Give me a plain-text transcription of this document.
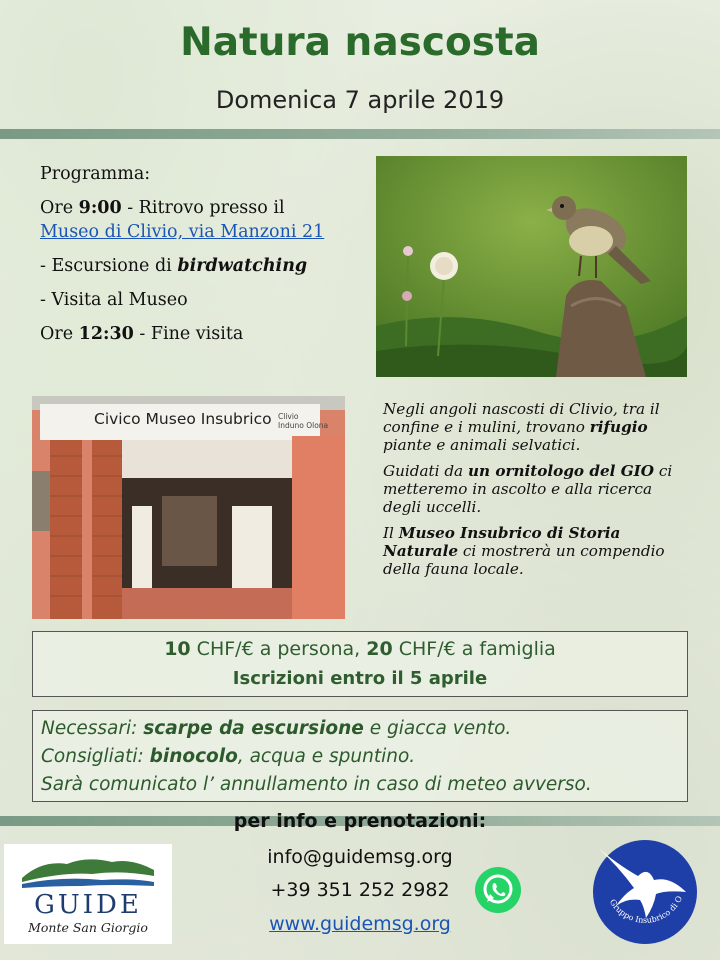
Natura nascosta
Domenica 7 aprile 2019
Programma:
Ore 9:00 - Ritrovo presso il
Museo di Clivio, via Manzoni 21
- Escursione di birdwatching
- Visita al Museo
Ore 12:30 - Fine visita
Civico Museo Insubrico Clivio
Induno Olona

Negli angoli nascosti di Clivio, tra il confine e i mulini, trovano rifugio piante e animali selvatici.

Guidati da un ornitologo del GIO ci metteremo in ascolto e alla ricerca degli uccelli.

Il Museo Insubrico di Storia Naturale ci mostrerà un compendio della fauna locale.

10 CHF/€ a persona, 20 CHF/€ a famiglia
Iscrizioni entro il 5 aprile
Necessari: scarpe da escursione e giacca vento.
Consigliati: binocolo, acqua e spuntino.
Sarà comunicato l’ annullamento in caso di meteo avverso.
per info e prenotazioni:
info@guidemsg.org
+39 351 252 2982
www.guidemsg.org
GUIDE
Monte San Giorgio
Gruppo Insubrico di O
